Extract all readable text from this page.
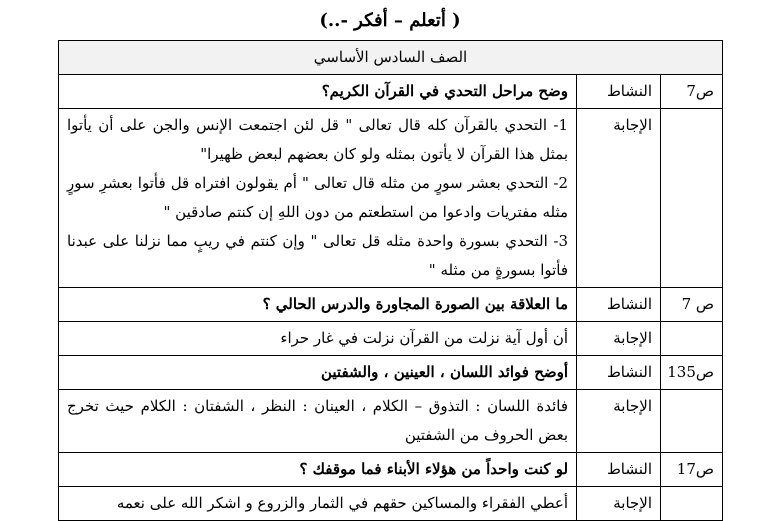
( أتعلم – أفكر -..)
الصف السادس الأساسي		
ص7	النشاط	وضح مراحل التحدي في القرآن الكريم؟
	الإجابة	1- التحدي بالقرآن كله قال تعالى " قل لئن اجتمعت الإنس والجن على أن يأتوا بمثل هذا القرآن لا يأتون بمثله ولو كان بعضهم لبعض ظهيرا"
2- التحدي بعشر سورٍ من مثله قال تعالى " أم يقولون افتراه قل فأتوا بعشرِ سورٍ مثله مفتريات وادعوا من استطعتم من دون اللهِ إن كنتم صادقين "
3- التحدي بسورة واحدة مثله قل تعالى " وإن كنتم في ريبٍ مما نزلنا على عبدنا فأتوا بسورةٍ من مثله "

ص 7	النشاط	ما العلاقة بين الصورة المجاورة والدرس الحالي ؟
	الإجابة	أن أول آية نزلت من القرآن نزلت في غار حراء

ص135	النشاط	أوضح فوائد اللسان ، العينين ، والشفتين
	الإجابة	فائدة اللسان : التذوق – الكلام ، العينان : النظر ، الشفتان : الكلام حيث تخرج بعض الحروف من الشفتين

ص17	النشاط	لو كنت واحداً من هؤلاء الأبناء فما موقفك ؟
	الإجابة	أعطي الفقراء والمساكين حقهم في الثمار والزروع و اشكر الله على نعمه
